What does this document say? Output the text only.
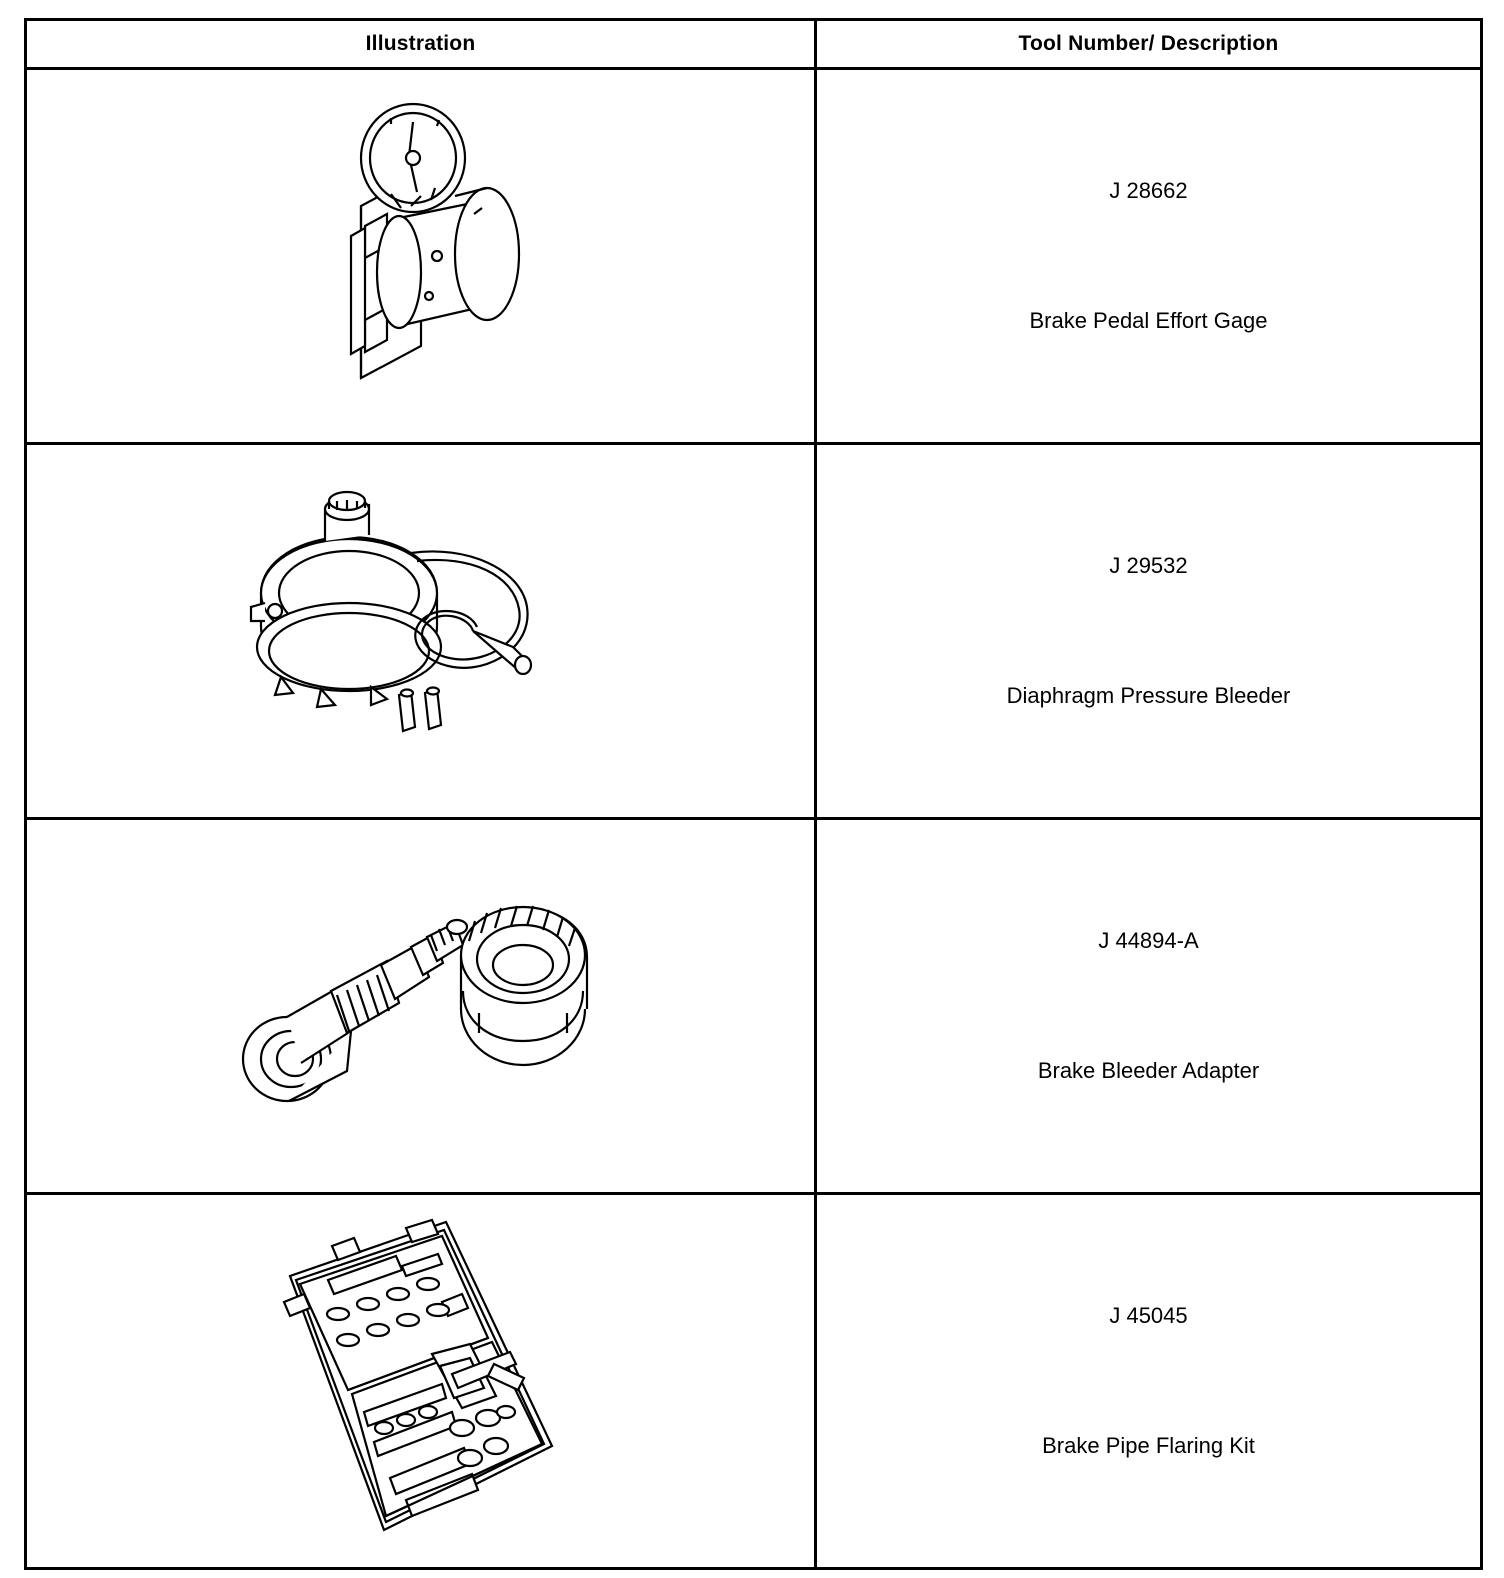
Illustration	Tool Number/ Description

J 28662
Brake Pedal Effort Gage

J 29532
Diaphragm Pressure Bleeder

J 44894-A
Brake Bleeder Adapter

J 45045
Brake Pipe Flaring Kit
